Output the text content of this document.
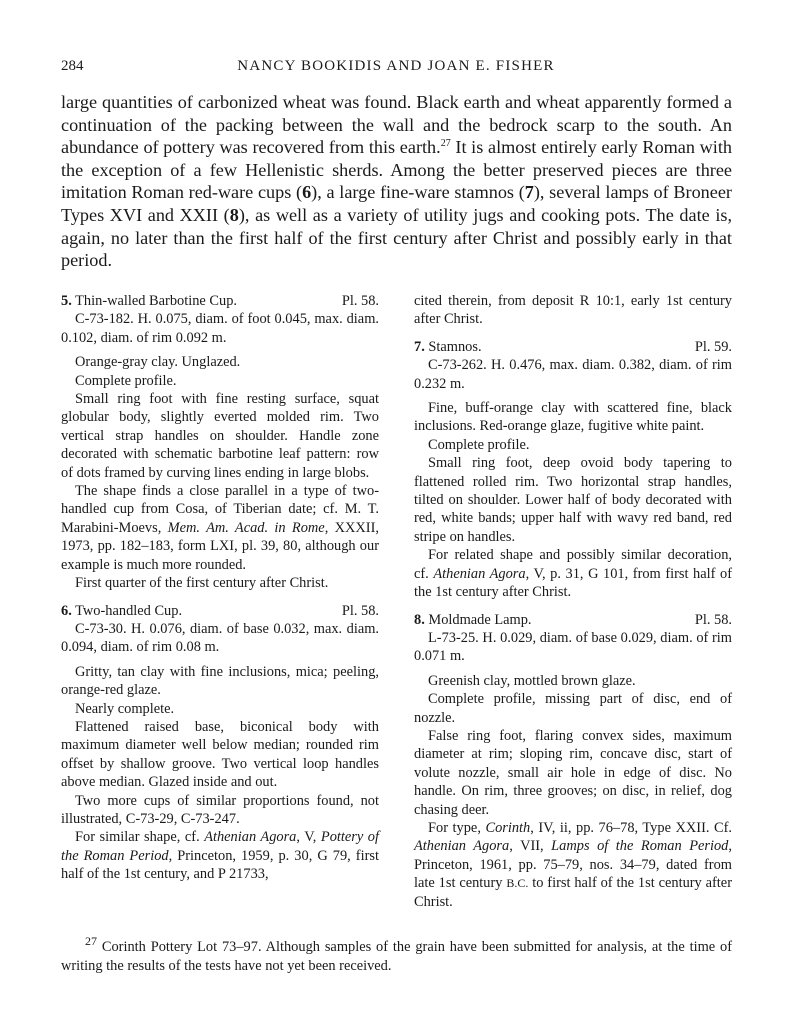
284	NANCY BOOKIDIS AND JOAN E. FISHER

large quantities of carbonized wheat was found. Black earth and wheat apparently formed a continuation of the packing between the wall and the bedrock scarp to the south. An abundance of pottery was recovered from this earth.$^{27}$ It is almost entirely early Roman with the exception of a few Hellenistic sherds. Among the better preserved pieces are three imitation Roman red-ware cups (6), a large fine-ware stamnos (7), several lamps of Broneer Types XVI and XXII (8), as well as a variety of utility jugs and cooking pots. The date is, again, no later than the first half of the first century after Christ and possibly early in that period.

5. Thin-walled Barbotine Cup.	Pl. 58.

C-73-182. H. 0.075, diam. of foot 0.045, max. diam. 0.102, diam. of rim 0.092 m.

Orange-gray clay. Unglazed.

Complete profile.

Small ring foot with fine resting surface, squat globular body, slightly everted molded rim. Two vertical strap handles on shoulder. Handle zone decorated with schematic barbotine leaf pattern: row of dots framed by curving lines ending in large blobs.

The shape finds a close parallel in a type of two-handled cup from Cosa, of Tiberian date; cf. M. T. Marabini-Moevs, Mem. Am. Acad. in Rome, XXXII, 1973, pp. 182–183, form LXI, pl. 39, 80, although our example is much more rounded.

First quarter of the first century after Christ.

6. Two-handled Cup.	Pl. 58.

C-73-30. H. 0.076, diam. of base 0.032, max. diam. 0.094, diam. of rim 0.08 m.

Gritty, tan clay with fine inclusions, mica; peeling, orange-red glaze.

Nearly complete.

Flattened raised base, biconical body with maximum diameter well below median; rounded rim offset by shallow groove. Two vertical loop handles above median. Glazed inside and out.

Two more cups of similar proportions found, not illustrated, C-73-29, C-73-247.

For similar shape, cf. Athenian Agora, V, Pottery of the Roman Period, Princeton, 1959, p. 30, G 79, first half of the 1st century, and P 21733,

cited therein, from deposit R 10:1, early 1st century after Christ.

7. Stamnos.	Pl. 59.

C-73-262. H. 0.476, max. diam. 0.382, diam. of rim 0.232 m.

Fine, buff-orange clay with scattered fine, black inclusions. Red-orange glaze, fugitive white paint.

Complete profile.

Small ring foot, deep ovoid body tapering to flattened rolled rim. Two horizontal strap handles, tilted on shoulder. Lower half of body decorated with red, white bands; upper half with wavy red band, red stripe on handles.

For related shape and possibly similar decoration, cf. Athenian Agora, V, p. 31, G 101, from first half of the 1st century after Christ.

8. Moldmade Lamp.	Pl. 58.

L-73-25. H. 0.029, diam. of base 0.029, diam. of rim 0.071 m.

Greenish clay, mottled brown glaze.

Complete profile, missing part of disc, end of nozzle.

False ring foot, flaring convex sides, maximum diameter at rim; sloping rim, concave disc, start of volute nozzle, small air hole in edge of disc. No handle. On rim, three grooves; on disc, in relief, dog chasing deer.

For type, Corinth, IV, ii, pp. 76–78, Type XXII. Cf. Athenian Agora, VII, Lamps of the Roman Period, Princeton, 1961, pp. 75–79, nos. 34–79, dated from late 1st century B.C. to first half of the 1st century after Christ.

$^{27}$ Corinth Pottery Lot 73–97. Although samples of the grain have been submitted for analysis, at the time of writing the results of the tests have not yet been received.
